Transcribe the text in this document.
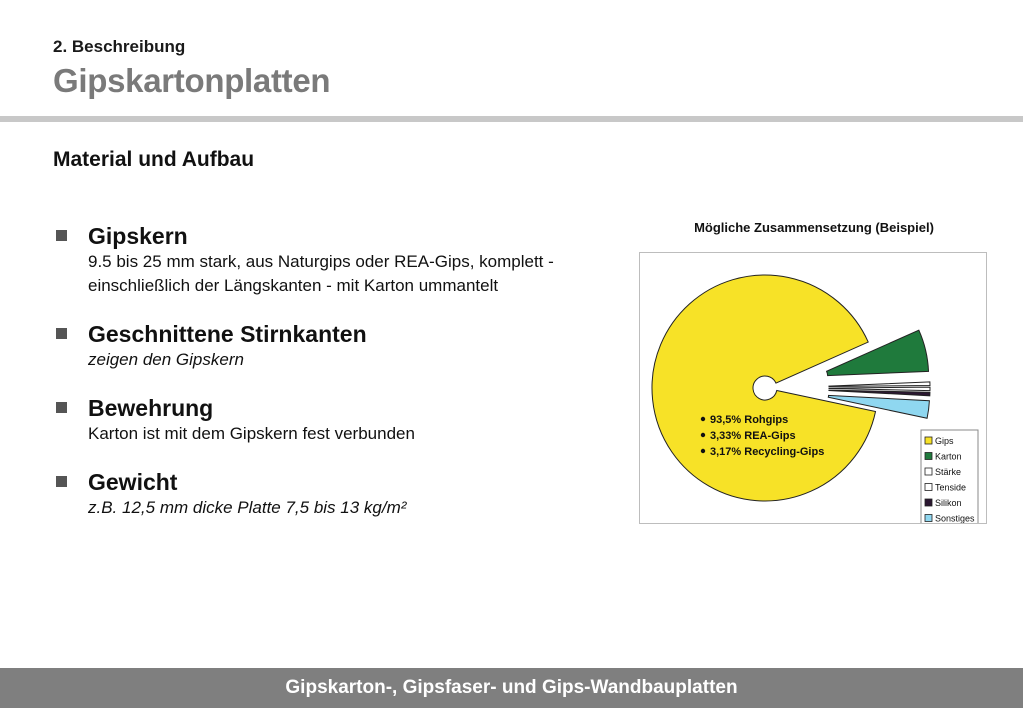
2. Beschreibung
Gipskartonplatten
Material und Aufbau
Gipskern
9.5 bis 25 mm stark, aus Naturgips oder REA-Gips, komplett - einschließlich der Längskanten - mit Karton ummantelt
Geschnittene Stirnkanten
zeigen den Gipskern
Bewehrung
Karton ist mit dem Gipskern fest verbunden
Gewicht
z.B. 12,5 mm dicke Platte 7,5 bis 13 kg/m²
Mögliche Zusammensetzung (Beispiel)
93,5% Rohgips
3,33% REA-Gips
3,17% Recycling-Gips
Gips
Karton
Stärke
Tenside
Silikon
Sonstiges
Gipskarton-, Gipsfaser- und Gips-Wandbauplatten
